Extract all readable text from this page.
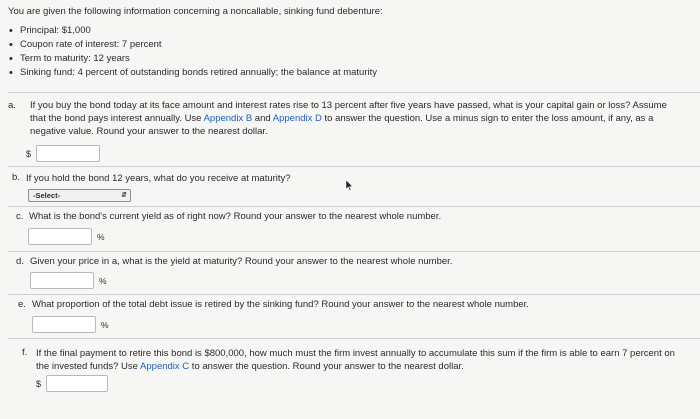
You are given the following information concerning a noncallable, sinking fund debenture:
• Principal: $1,000
• Coupon rate of interest: 7 percent
• Term to maturity: 12 years
• Sinking fund: 4 percent of outstanding bonds retired annually; the balance at maturity
a.	If you buy the bond today at its face amount and interest rates rise to 13 percent after five years have passed, what is your capital gain or loss? Assume
that the bond pays interest annually. Use Appendix B and Appendix D to answer the question. Use a minus sign to enter the loss amount, if any, as a
negative value. Round your answer to the nearest dollar.
$
b. If you hold the bond 12 years, what do you receive at maturity?
-Select-	⇵
c. What is the bond's current yield as of right now? Round your answer to the nearest whole number.
%
d. Given your price in a, what is the yield at maturity? Round your answer to the nearest whole number.
%
e. What proportion of the total debt issue is retired by the sinking fund? Round your answer to the nearest whole number.
%
f. If the final payment to retire this bond is $800,000, how much must the firm invest annually to accumulate this sum if the firm is able to earn 7 percent on
the invested funds? Use Appendix C to answer the question. Round your answer to the nearest dollar.
$
